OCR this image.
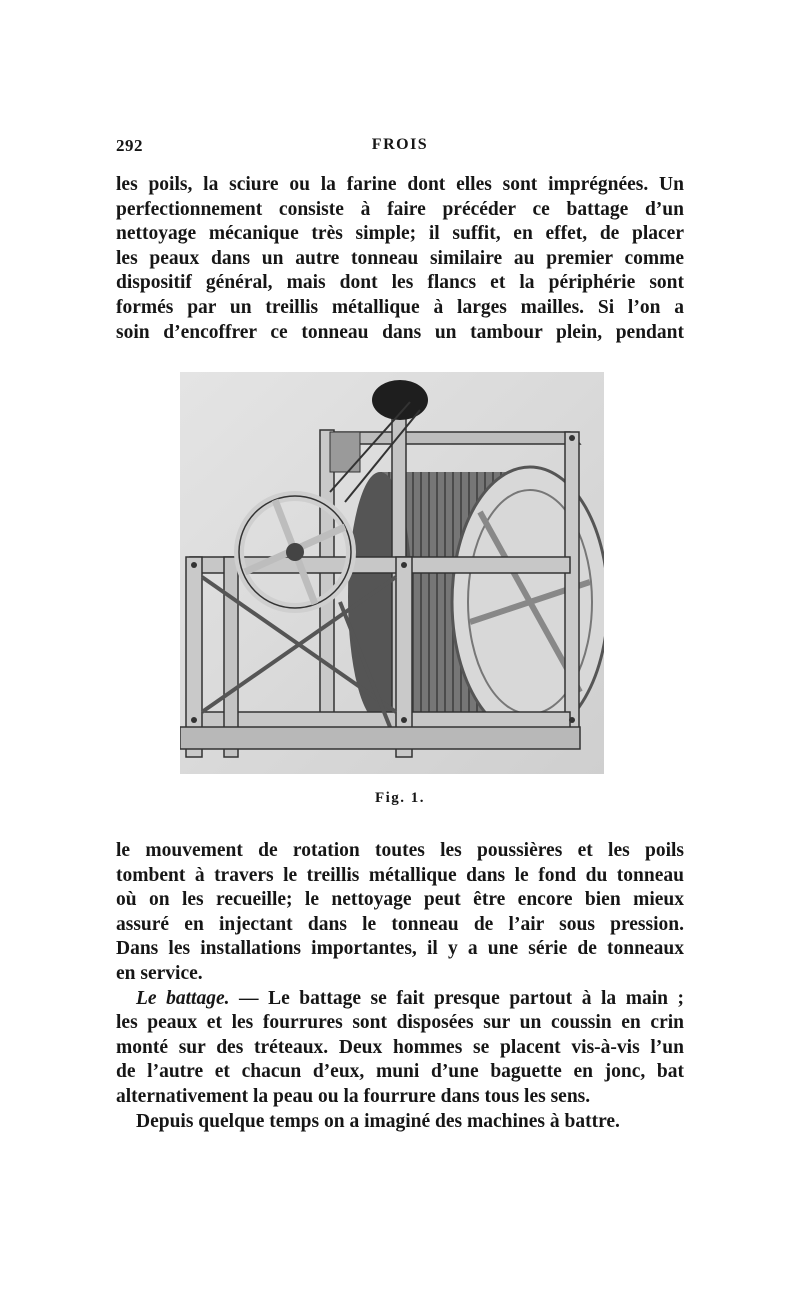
292	FROIS
les poils, la sciure ou la farine dont elles sont imprégnées. Un
perfectionnement consiste à faire précéder ce battage d’un
nettoyage mécanique très simple; il suffit, en effet, de placer
les peaux dans un autre tonneau similaire au premier comme
dispositif général, mais dont les flancs et la périphérie sont
formés par un treillis métallique à larges mailles. Si l’on a
soin d’encoffrer ce tonneau dans un tambour plein, pendant
Fig. 1.
le mouvement de rotation toutes les poussières et les poils
tombent à travers le treillis métallique dans le fond du tonneau
où on les recueille; le nettoyage peut être encore bien mieux
assuré en injectant dans le tonneau de l’air sous pression.
Dans les installations importantes, il y a une série de tonneaux
en service.
Le battage. — Le battage se fait presque partout à la main ;
les peaux et les fourrures sont disposées sur un coussin en crin
monté sur des tréteaux. Deux hommes se placent vis-à-vis l’un
de l’autre et chacun d’eux, muni d’une baguette en jonc, bat
alternativement la peau ou la fourrure dans tous les sens.
Depuis quelque temps on a imaginé des machines à battre.
